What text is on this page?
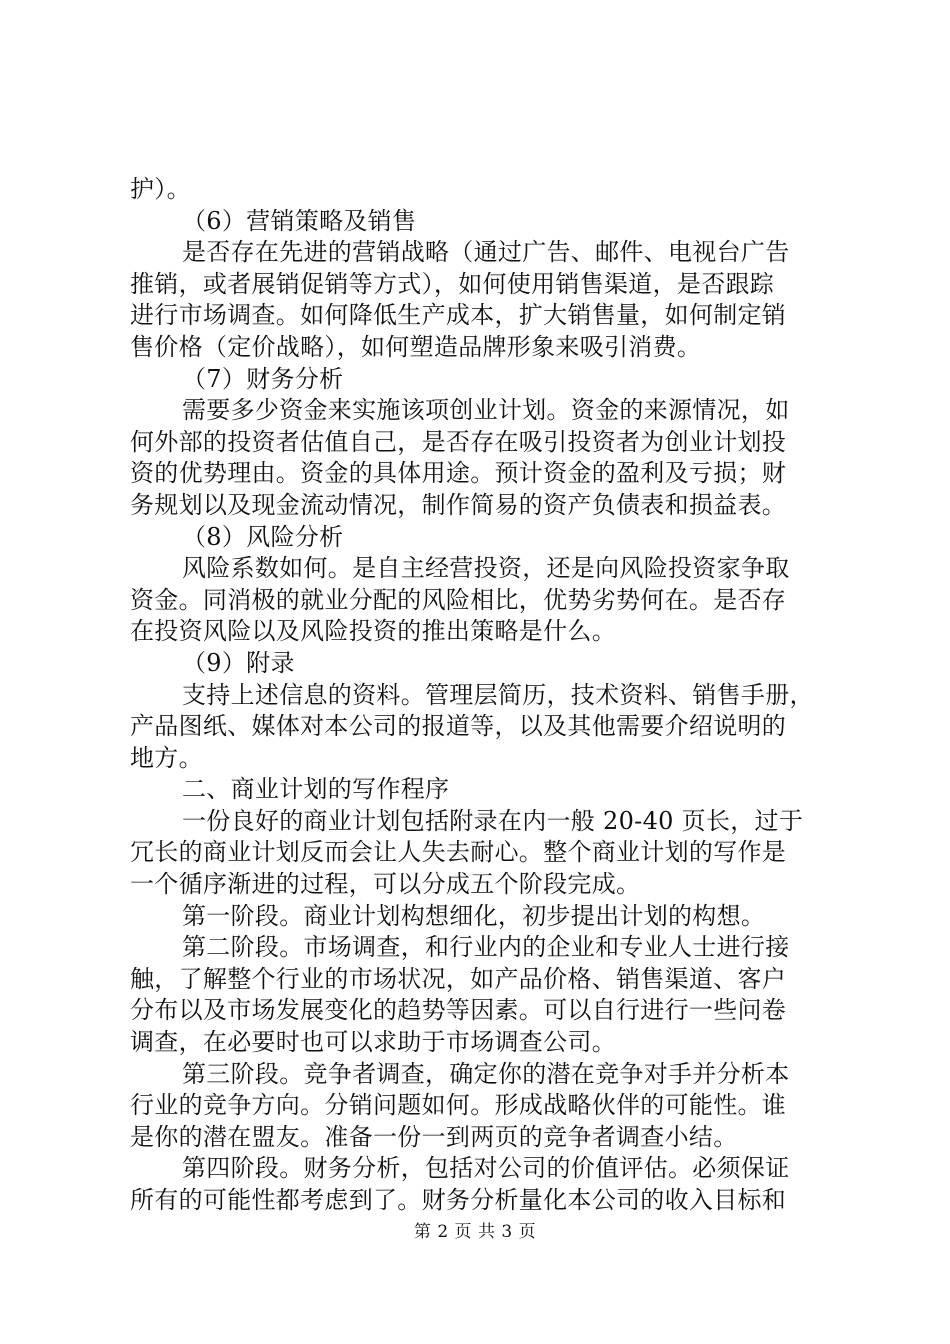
护）。
（6）营销策略及销售
是否存在先进的营销战略（通过广告、邮件、电视台广告
推销，或者展销促销等方式），如何使用销售渠道，是否跟踪
进行市场调查。如何降低生产成本，扩大销售量，如何制定销
售价格（定价战略），如何塑造品牌形象来吸引消费。
（7）财务分析
需要多少资金来实施该项创业计划。资金的来源情况，如
何外部的投资者估值自己，是否存在吸引投资者为创业计划投
资的优势理由。资金的具体用途。预计资金的盈利及亏损；财
务规划以及现金流动情况，制作简易的资产负债表和损益表。
（8）风险分析
风险系数如何。是自主经营投资，还是向风险投资家争取
资金。同消极的就业分配的风险相比，优势劣势何在。是否存
在投资风险以及风险投资的推出策略是什么。
（9）附录
支持上述信息的资料。管理层简历，技术资料、销售手册，
产品图纸、媒体对本公司的报道等，以及其他需要介绍说明的
地方。
二、商业计划的写作程序
一份良好的商业计划包括附录在内一般 20-40 页长，过于
冗长的商业计划反而会让人失去耐心。整个商业计划的写作是
一个循序渐进的过程，可以分成五个阶段完成。
第一阶段。商业计划构想细化，初步提出计划的构想。
第二阶段。市场调查，和行业内的企业和专业人士进行接
触，了解整个行业的市场状况，如产品价格、销售渠道、客户
分布以及市场发展变化的趋势等因素。可以自行进行一些问卷
调查，在必要时也可以求助于市场调查公司。
第三阶段。竞争者调查，确定你的潜在竞争对手并分析本
行业的竞争方向。分销问题如何。形成战略伙伴的可能性。谁
是你的潜在盟友。准备一份一到两页的竞争者调查小结。
第四阶段。财务分析，包括对公司的价值评估。必须保证
所有的可能性都考虑到了。财务分析量化本公司的收入目标和
第 2 页 共 3 页
